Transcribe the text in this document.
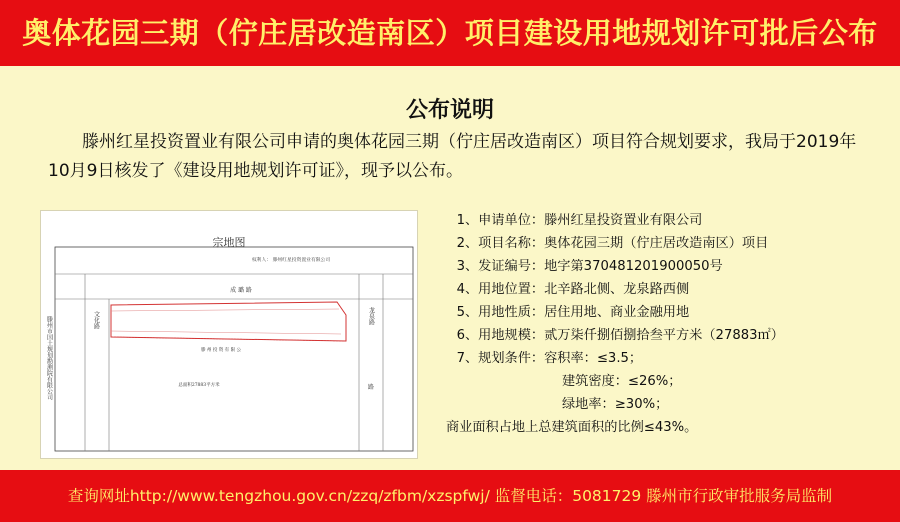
奥体花园三期（佇庄居改造南区）项目建设用地规划许可批后公布
公布说明
滕州红星投资置业有限公司申请的奥体花园三期（佇庄居改造南区）项目符合规划要求，我局于2019年10月9日核发了《建设用地规划许可证》，现予以公布。
宗地图
权利人： 滕州红星投资置业有限公司
滕州市国土规划勘测院有限公司
成 璐 路
文化路	龙泉路
路
滕 州 投 资 有 限 公
总面积27883平方米
1、申请单位：滕州红星投资置业有限公司
2、项目名称：奥体花园三期（佇庄居改造南区）项目
3、发证编号：地字第370481201900050号
4、用地位置：北辛路北侧、龙泉路西侧
5、用地性质：居住用地、商业金融用地
6、用地规模：贰万柒仟捌佰捌拾叁平方米（27883㎡）
7、规划条件：容积率：≤3.5；
建筑密度：≤26%；
绿地率：≥30%；
商业面积占地上总建筑面积的比例≤43%。
查询网址http://www.tengzhou.gov.cn/zzq/zfbm/xzspfwj/ 监督电话：5081729 滕州市行政审批服务局监制
